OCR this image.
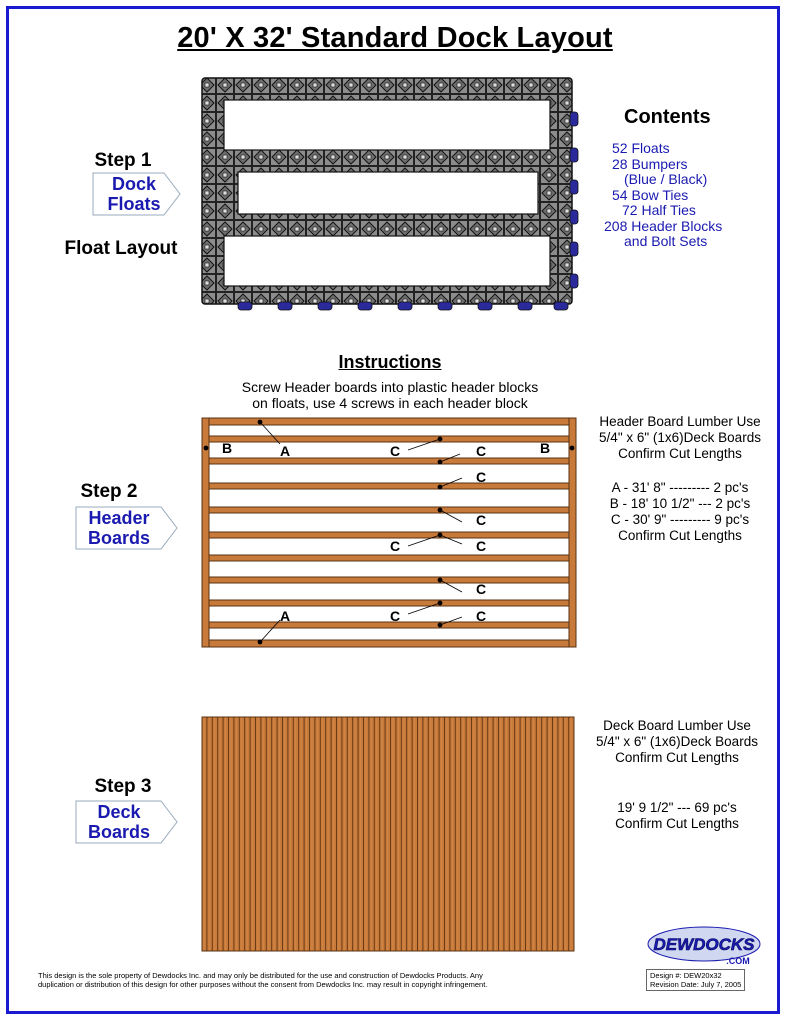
20' X 32' Standard Dock Layout
Step 1
Dock
Floats
Float Layout
Contents
52 Floats
28 Bumpers
(Blue / Black)
54 Bow Ties
72 Half Ties
208 Header Blocks
and Bolt Sets
Instructions
Screw Header boards into plastic header blocks
on floats, use 4 screws in each header block
Step 2
Header
Boards
A
B	B
C	C
C
C
C	C
C
C	C
A
Header Board Lumber Use
5/4" x 6" (1x6)Deck Boards
Confirm Cut Lengths
A - 31' 8" --------- 2 pc's
B - 18' 10 1/2" --- 2 pc's
C - 30' 9" --------- 9 pc's
Confirm Cut Lengths
Step 3
Deck
Boards
Deck Board Lumber Use
5/4" x 6" (1x6)Deck Boards
Confirm Cut Lengths
19' 9 1/2" --- 69 pc's
Confirm Cut Lengths
DEWDOCKS
.COM
This design is the sole property of Dewdocks Inc. and may only be distributed for the use and construction of Dewdocks Products. Any
duplication or distribution of this design for other purposes without the consent from Dewdocks Inc. may result in copyright infringement.
Design #: DEW20x32
Revision Date: July 7, 2005
